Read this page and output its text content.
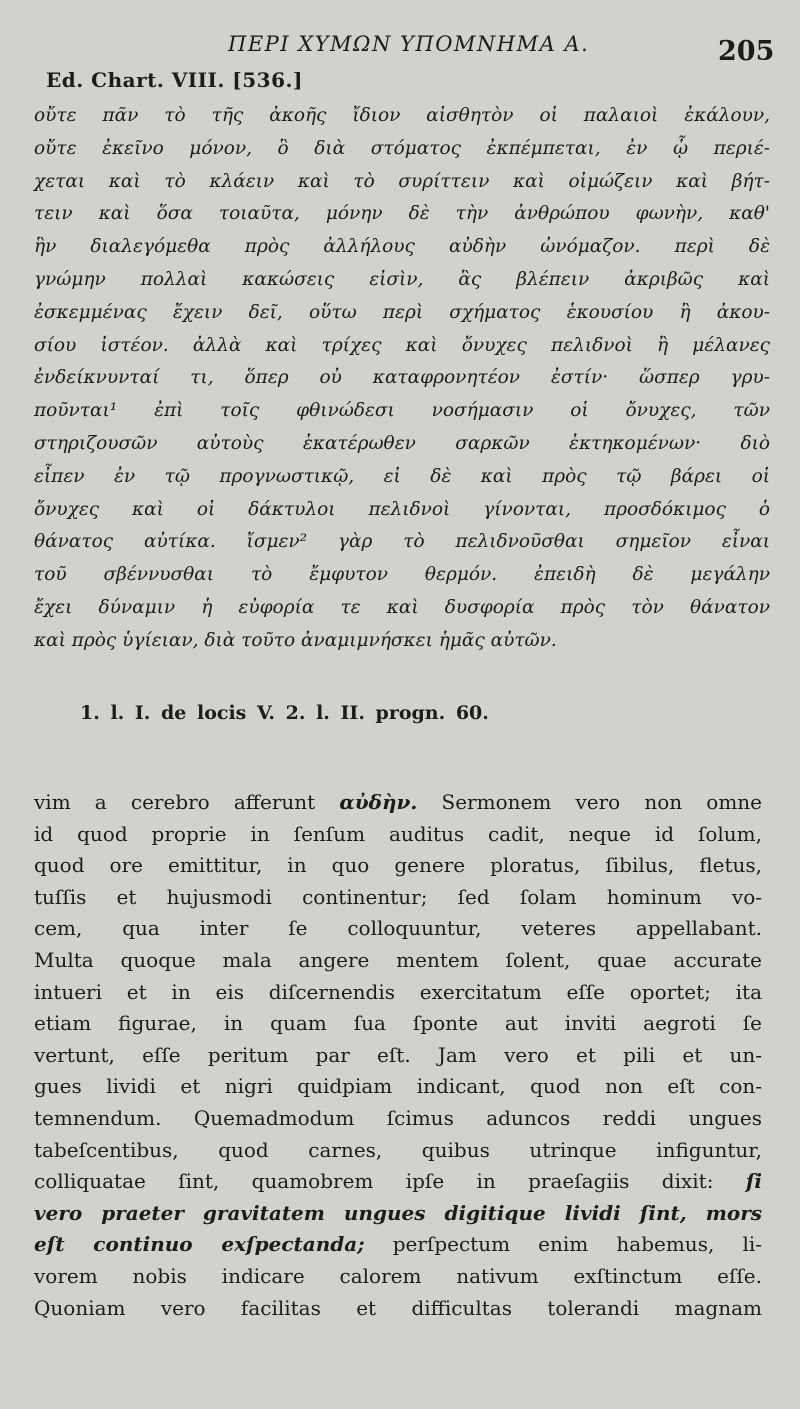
ΠΕΡΙ ΧΥΜΩΝ ΥΠΟΜΝΗΜΑ Α.	205
Ed. Chart. VIII. [536.]
οὔτε πᾶν τὸ τῆς ἀκοῆς ἴδιον αἰσθητὸν οἱ παλαιοὶ ἐκάλουν,
οὔτε ἐκεῖνο μόνον, ὃ διὰ στόματος ἐκπέμπεται, ἐν ᾧ περιέ-
χεται καὶ τὸ κλάειν καὶ τὸ συρίττειν καὶ οἰμώζειν καὶ βήτ-
τειν καὶ ὅσα τοιαῦτα, μόνην δὲ τὴν ἀνθρώπου φωνὴν, καθ'
ἣν διαλεγόμεθα πρὸς ἀλλήλους αὐδὴν ὠνόμαζον. περὶ δὲ
γνώμην πολλαὶ κακώσεις εἰσὶν, ἃς βλέπειν ἀκριβῶς καὶ
ἐσκεμμένας ἔχειν δεῖ, οὕτω περὶ σχήματος ἑκουσίου ἢ ἀκου-
σίου ἰστέον. ἀλλὰ καὶ τρίχες καὶ ὄνυχες πελιδνοὶ ἢ μέλανες
ἐνδείκνυνταί τι, ὅπερ οὐ καταφρονητέον ἐστίν· ὥσπερ γρυ-
ποῦνται¹ ἐπὶ τοῖς φθινώδεσι νοσήμασιν οἱ ὄνυχες, τῶν
στηριζουσῶν αὐτοὺς ἑκατέρωθεν σαρκῶν ἐκτηκομένων· διὸ
εἶπεν ἐν τῷ προγνωστικῷ, εἰ δὲ καὶ πρὸς τῷ βάρει οἱ
ὄνυχες καὶ οἱ δάκτυλοι πελιδνοὶ γίνονται, προσδόκιμος ὁ
θάνατος αὐτίκα. ἴσμεν² γὰρ τὸ πελιδνοῦσθαι σημεῖον εἶναι
τοῦ σβέννυσθαι τὸ ἔμφυτον θερμόν. ἐπειδὴ δὲ μεγάλην
ἔχει δύναμιν ἡ εὐφορία τε καὶ δυσφορία πρὸς τὸν θάνατον
καὶ πρὸς ὑγίειαν, διὰ τοῦτο ἀναμιμνήσκει ἡμᾶς αὐτῶν.
1. l. I. de locis V. 2. l. II. progn. 60.
vim a cerebro afferunt αὐδὴν. Sermonem vero non omne
id quod proprie in ſenſum auditus cadit, neque id ſolum,
quod ore emittitur, in quo genere ploratus, ſibilus, fletus,
tuſſis et hujusmodi continentur; ſed ſolam hominum vo-
cem, qua inter ſe colloquuntur, veteres appellabant.
Multa quoque mala angere mentem ſolent, quae accurate
intueri et in eis diſcernendis exercitatum eſſe oportet; ita
etiam figurae, in quam ſua ſponte aut inviti aegroti ſe
vertunt, eſſe peritum par eſt. Jam vero et pili et un-
gues lividi et nigri quidpiam indicant, quod non eſt con-
temnendum. Quemadmodum ſcimus aduncos reddi ungues
tabeſcentibus, quod carnes, quibus utrinque infiguntur,
colliquatae ſint, quamobrem ipſe in praeſagiis dixit: ſi
vero praeter gravitatem ungues digitique lividi ſint, mors
eſt continuo exſpectanda; perſpectum enim habemus, li-
vorem nobis indicare calorem nativum exſtinctum eſſe.
Quoniam vero facilitas et difficultas tolerandi magnam
